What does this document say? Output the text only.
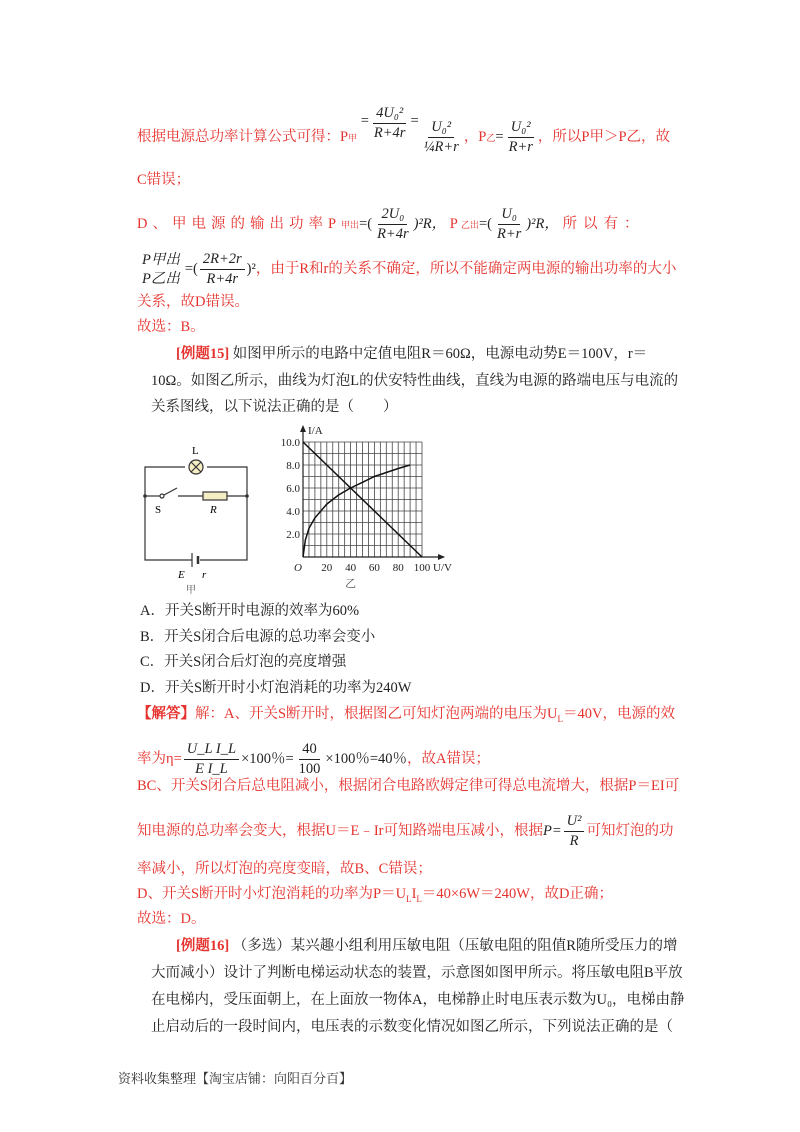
根据电源总功率计算公式可得：P甲 = $\frac{\text{4U₀²}}{R+4r} = \frac{\text{U₀²}}{\text{¼R+r}}$ ，P乙= $\frac{\text{U₀²}}{R+r}$ ，所以P甲＞P乙，故
C错误；
D、甲电源的输出功率P甲出=( $\frac{\text{2U₀}}{R+4r} )^2R$， P 乙出=( $\frac{\text{U₀}}{R+r} )^2R$， 所以有：
P甲出
P乙出
=( $\frac{2R+2r}{R+4r} )^2$，由于R和r的关系不确定，所以不能确定两电源的输出功率的大小
关系，故D错误。
故选：B。
[例题15] 如图甲所示的电路中定值电阻R＝60Ω，电源电动势E＝100V，r＝
10Ω。如图乙所示，曲线为灯泡L的伏安特性曲线，直线为电源的路端电压与电流的
关系图线，以下说法正确的是（　　）
L
S	R
E r
甲
2.0
4.0
6.0
8.0
10.0
20 40 60 80 100
O
I/A
U/V
乙
A．开关S断开时电源的效率为60%
B．开关S闭合后电源的总功率会变小
C．开关S闭合后灯泡的亮度增强
D．开关S断开时小灯泡消耗的功率为240W
【解答】解：A、开关S断开时，根据图乙可知灯泡两端的电压为$U_L=40V$，电源的效
率为$\eta= \frac{\text{U\_L I\_L}}{\text{E I\_L}} \times 100$％= $\frac{40}{100} \times 100$％=40％，故A错误；
BC、开关S闭合后总电阻减小，根据闭合电路欧姆定律可得总电流增大，根据P＝EI可
知电源的总功率会变大，根据U＝E﹣Ir可知路端电压减小，根据$P= \frac{\text{U²}}{R}$ 可知灯泡的功
率减小，所以灯泡的亮度变暗，故B、C错误；
D、开关S断开时小灯泡消耗的功率为$P=U_LI_L=40\times 6W=240W$，故D正确；
故选：D。
[例题16] （多选）某兴趣小组利用压敏电阻（压敏电阻的阻值R随所受压力的增
大而减小）设计了判断电梯运动状态的装置，示意图如图甲所示。将压敏电阻B平放
在电梯内，受压面朝上，在上面放一物体A，电梯静止时电压表示数为U₀，电梯由静
止启动后的一段时间内，电压表的示数变化情况如图乙所示，下列说法正确的是（
资料收集整理【淘宝店铺：向阳百分百】
